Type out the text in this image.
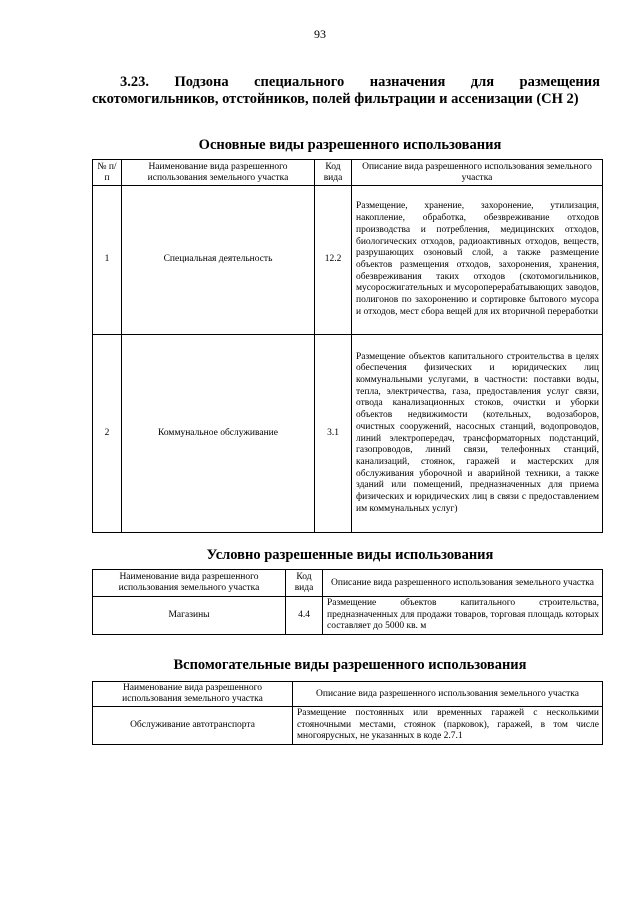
93
3.23. Подзона специального назначения для размещения скотомогильников, отстойников, полей фильтрации и ассенизации (СН 2)
Основные виды разрешенного использования
№ п/п	Наименование вида разрешенного использования земельного участка	Код вида	Описание вида разрешенного использования земельного участка
1	Специальная деятельность	12.2	Размещение, хранение, захоронение, утилизация, накопление, обработка, обезвреживание отходов производства и потребления, медицинских отходов, биологических отходов, радиоактивных отходов, веществ, разрушающих озоновый слой, а также размещение объектов размещения отходов, захоронения, хранения, обезвреживания таких отходов (скотомогильников, мусоросжигательных и мусороперерабатывающих заводов, полигонов по захоронению и сортировке бытового мусора и отходов, мест сбора вещей для их вторичной переработки
2	Коммунальное обслуживание	3.1	Размещение объектов капитального строительства в целях обеспечения физических и юридических лиц коммунальными услугами, в частности: поставки воды, тепла, электричества, газа, предоставления услуг связи, отвода канализационных стоков, очистки и уборки объектов недвижимости (котельных, водозаборов, очистных сооружений, насосных станций, водопроводов, линий электропередач, трансформаторных подстанций, газопроводов, линий связи, телефонных станций, канализаций, стоянок, гаражей и мастерских для обслуживания уборочной и аварийной техники, а также зданий или помещений, предназначенных для приема физических и юридических лиц в связи с предоставлением им коммунальных услуг)
Условно разрешенные виды использования
Наименование вида разрешенного использования земельного участка	Код вида	Описание вида разрешенного использования земельного участка
Магазины	4.4	Размещение объектов капитального строительства, предназначенных для продажи товаров, торговая площадь которых составляет до 5000 кв. м
Вспомогательные виды разрешенного использования
Наименование вида разрешенного использования земельного участка	Описание вида разрешенного использования земельного участка
Обслуживание автотранспорта	Размещение постоянных или временных гаражей с несколькими стояночными местами, стоянок (парковок), гаражей, в том числе многоярусных, не указанных в коде 2.7.1
